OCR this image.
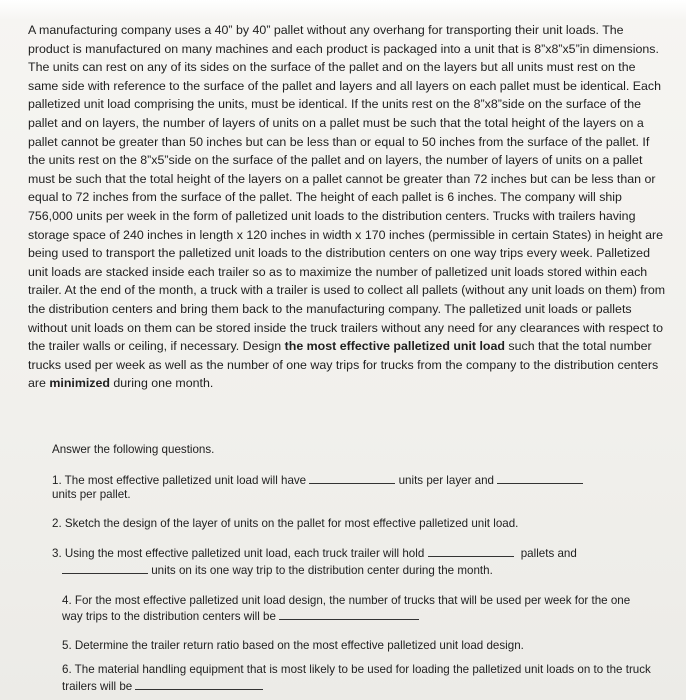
A manufacturing company uses a 40” by 40” pallet without any overhang for transporting their unit loads. The product is manufactured on many machines and each product is packaged into a unit that is 8”x8”x5”in dimensions. The units can rest on any of its sides on the surface of the pallet and on the layers but all units must rest on the same side with reference to the surface of the pallet and layers and all layers on each pallet must be identical. Each palletized unit load comprising the units, must be identical. If the units rest on the 8”x8”side on the surface of the pallet and on layers, the number of layers of units on a pallet must be such that the total height of the layers on a pallet cannot be greater than 50 inches but can be less than or equal to 50 inches from the surface of the pallet. If the units rest on the 8”x5”side on the surface of the pallet and on layers, the number of layers of units on a pallet must be such that the total height of the layers on a pallet cannot be greater than 72 inches but can be less than or equal to 72 inches from the surface of the pallet. The height of each pallet is 6 inches. The company will ship 756,000 units per week in the form of palletized unit loads to the distribution centers. Trucks with trailers having storage space of 240 inches in length x 120 inches in width x 170 inches (permissible in certain States) in height are being used to transport the palletized unit loads to the distribution centers on one way trips every week. Palletized unit loads are stacked inside each trailer so as to maximize the number of palletized unit loads stored within each trailer. At the end of the month, a truck with a trailer is used to collect all pallets (without any unit loads on them) from the distribution centers and bring them back to the manufacturing company. The palletized unit loads or pallets without unit loads on them can be stored inside the truck trailers without any need for any clearances with respect to the trailer walls or ceiling, if necessary. Design the most effective palletized unit load such that the total number trucks used per week as well as the number of one way trips for trucks from the company to the distribution centers are minimized during one month.

Answer the following questions.

1. The most effective palletized unit load will have	units per layer and
units per pallet.

2. Sketch the design of the layer of units on the pallet for most effective palletized unit load.

3. Using the most effective palletized unit load, each truck trailer will hold	pallets and
units on its one way trip to the distribution center during the month.

4. For the most effective palletized unit load design, the number of trucks that will be used per week for the one way trips to the distribution centers will be

5. Determine the trailer return ratio based on the most effective palletized unit load design.

6. The material handling equipment that is most likely to be used for loading the palletized unit loads on to the truck trailers will be
